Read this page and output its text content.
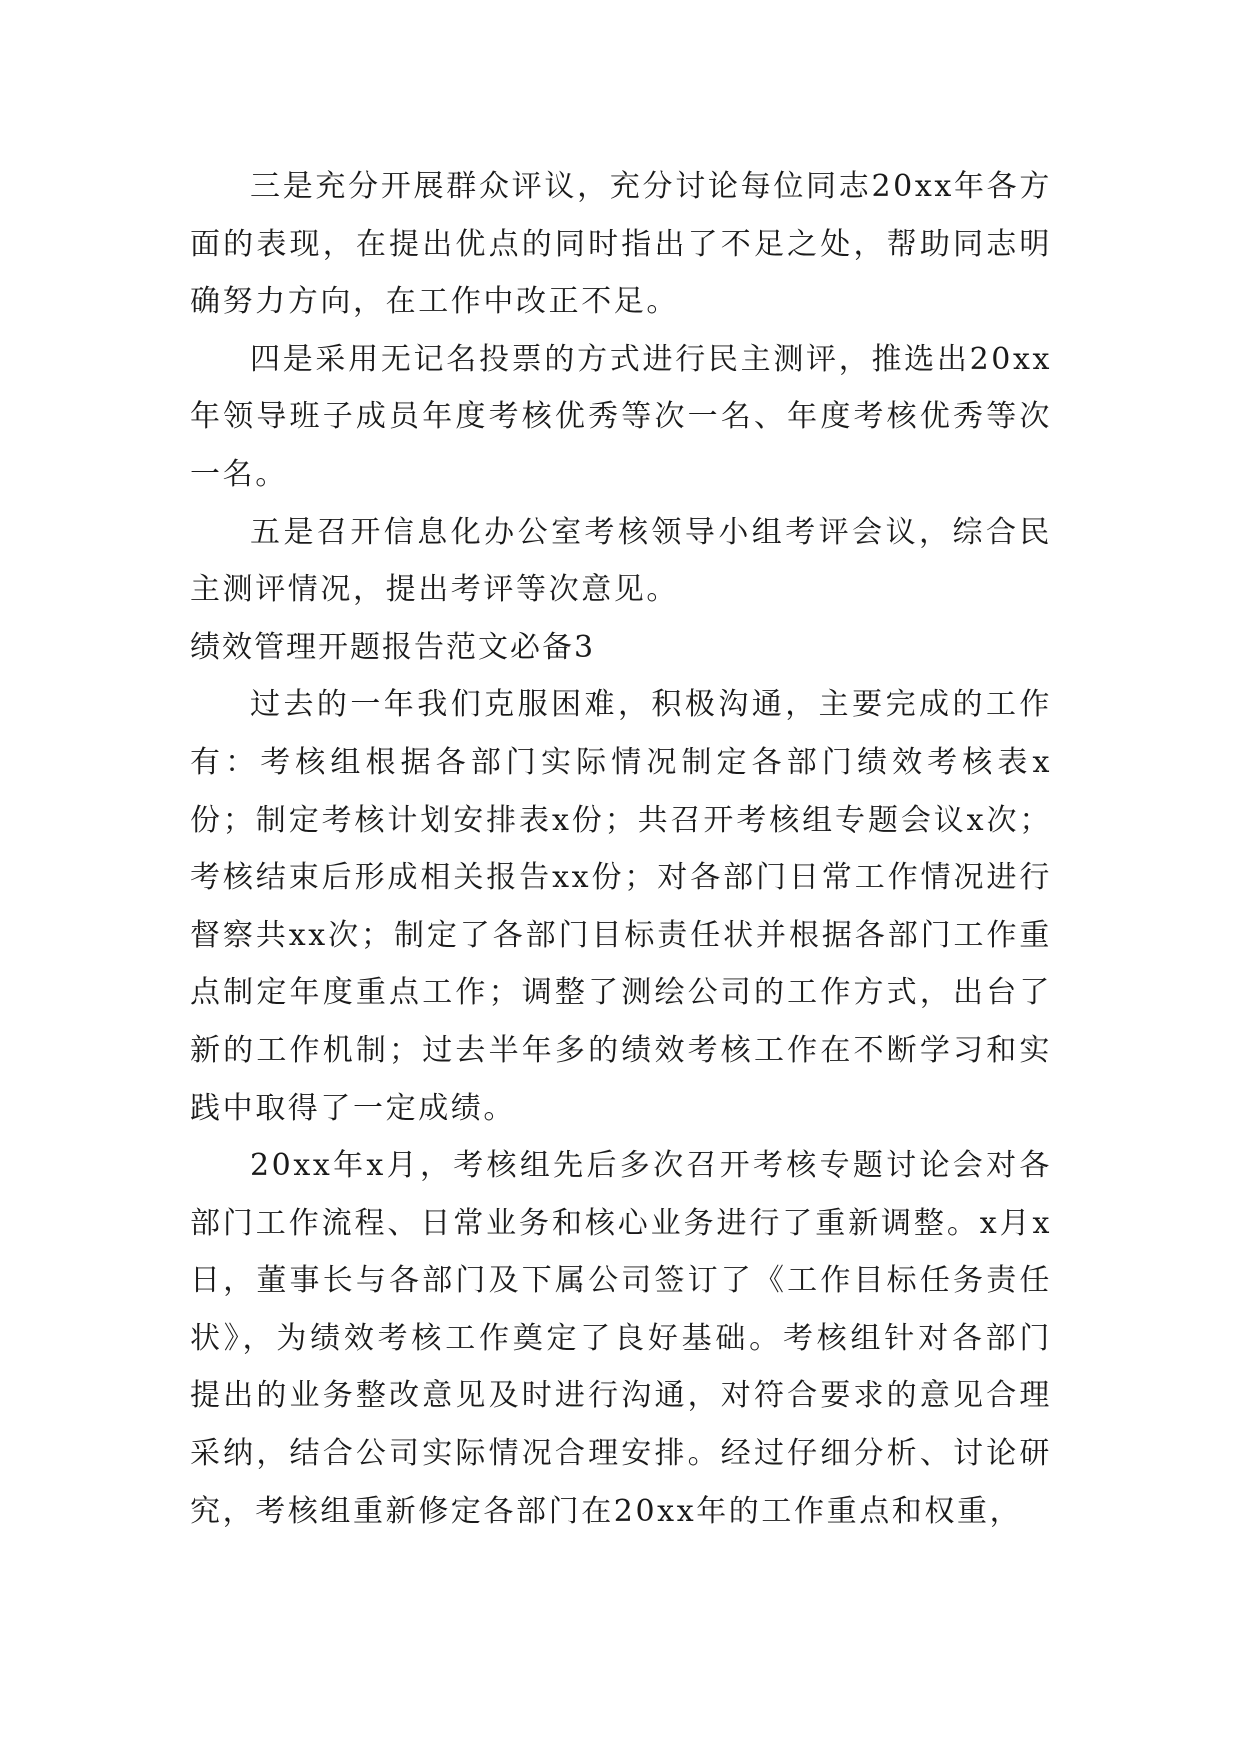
三是充分开展群众评议，充分讨论每位同志20xx年各方面的表现，在提出优点的同时指出了不足之处，帮助同志明确努力方向，在工作中改正不足。

四是采用无记名投票的方式进行民主测评，推选出20xx年领导班子成员年度考核优秀等次一名、年度考核优秀等次一名。

五是召开信息化办公室考核领导小组考评会议，综合民主测评情况，提出考评等次意见。

绩效管理开题报告范文必备3

过去的一年我们克服困难，积极沟通，主要完成的工作有：考核组根据各部门实际情况制定各部门绩效考核表x份；制定考核计划安排表x份；共召开考核组专题会议x次；考核结束后形成相关报告xx份；对各部门日常工作情况进行督察共xx次；制定了各部门目标责任状并根据各部门工作重点制定年度重点工作；调整了测绘公司的工作方式，出台了新的工作机制；过去半年多的绩效考核工作在不断学习和实践中取得了一定成绩。

20xx年x月，考核组先后多次召开考核专题讨论会对各部门工作流程、日常业务和核心业务进行了重新调整。x月x日，董事长与各部门及下属公司签订了《工作目标任务责任状》，为绩效考核工作奠定了良好基础。考核组针对各部门提出的业务整改意见及时进行沟通，对符合要求的意见合理采纳，结合公司实际情况合理安排。经过仔细分析、讨论研究，考核组重新修定各部门在20xx年的工作重点和权重，
